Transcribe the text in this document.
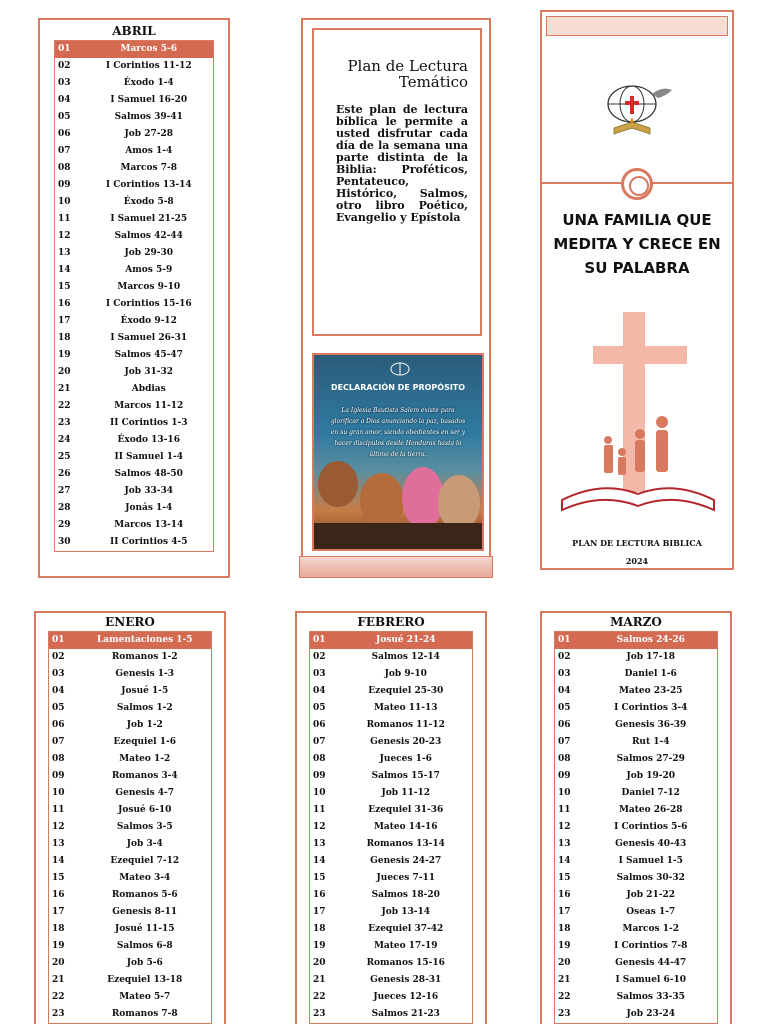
ABRIL
01	Marcos 5-6
02	I Corintios 11-12
03	Éxodo 1-4
04	I Samuel 16-20
05	Salmos 39-41
06	Job 27-28
07	Amos 1-4
08	Marcos 7-8
09	I Corintios 13-14
10	Éxodo 5-8
11	I Samuel 21-25
12	Salmos 42-44
13	Job 29-30
14	Amos 5-9
15	Marcos 9-10
16	I Corintios 15-16
17	Éxodo 9-12
18	I Samuel 26-31
19	Salmos 45-47
20	Job 31-32
21	Abdias
22	Marcos 11-12
23	II Corintios 1-3
24	Éxodo 13-16
25	II Samuel 1-4
26	Salmos 48-50
27	Job 33-34
28	Jonás 1-4
29	Marcos 13-14
30	II Corintios 4-5
Plan de Lectura Temático
Este plan de lectura bíblica le permite a usted disfrutar cada día de la semana una parte distinta de la Biblia: Proféticos, Pentateuco, Histórico, Salmos, otro libro Poético, Evangelio y Epístola
DECLARACIÓN DE PROPÓSITO
La Iglesia Bautista Salem existe para glorificar a Dios anunciando la paz, basados en su gran amor, siendo obedientes en ser y hacer discípulos desde Honduras hasta lo último de la tierra.
UNA FAMILIA QUE MEDITA Y CRECE EN SU PALABRA
PLAN DE LECTURA BIBLICA
2024
ENERO
01	Lamentaciones 1-5
02	Romanos 1-2
03	Genesis 1-3
04	Josué 1-5
05	Salmos 1-2
06	Job 1-2
07	Ezequiel 1-6
08	Mateo 1-2
09	Romanos 3-4
10	Genesis 4-7
11	Josué 6-10
12	Salmos 3-5
13	Job 3-4
14	Ezequiel 7-12
15	Mateo 3-4
16	Romanos 5-6
17	Genesis 8-11
18	Josué 11-15
19	Salmos 6-8
20	Job 5-6
21	Ezequiel 13-18
22	Mateo 5-7
23	Romanos 7-8
FEBRERO
01	Josué 21-24
02	Salmos 12-14
03	Job 9-10
04	Ezequiel 25-30
05	Mateo 11-13
06	Romanos 11-12
07	Genesis 20-23
08	Jueces 1-6
09	Salmos 15-17
10	Job 11-12
11	Ezequiel 31-36
12	Mateo 14-16
13	Romanos 13-14
14	Genesis 24-27
15	Jueces 7-11
16	Salmos 18-20
17	Job 13-14
18	Ezequiel 37-42
19	Mateo 17-19
20	Romanos 15-16
21	Genesis 28-31
22	Jueces 12-16
23	Salmos 21-23
MARZO
01	Salmos 24-26
02	Job 17-18
03	Daniel 1-6
04	Mateo 23-25
05	I Corintios 3-4
06	Genesis 36-39
07	Rut 1-4
08	Salmos 27-29
09	Job 19-20
10	Daniel 7-12
11	Mateo 26-28
12	I Corintios 5-6
13	Genesis 40-43
14	I Samuel 1-5
15	Salmos 30-32
16	Job 21-22
17	Oseas 1-7
18	Marcos 1-2
19	I Corintios 7-8
20	Genesis 44-47
21	I Samuel 6-10
22	Salmos 33-35
23	Job 23-24
